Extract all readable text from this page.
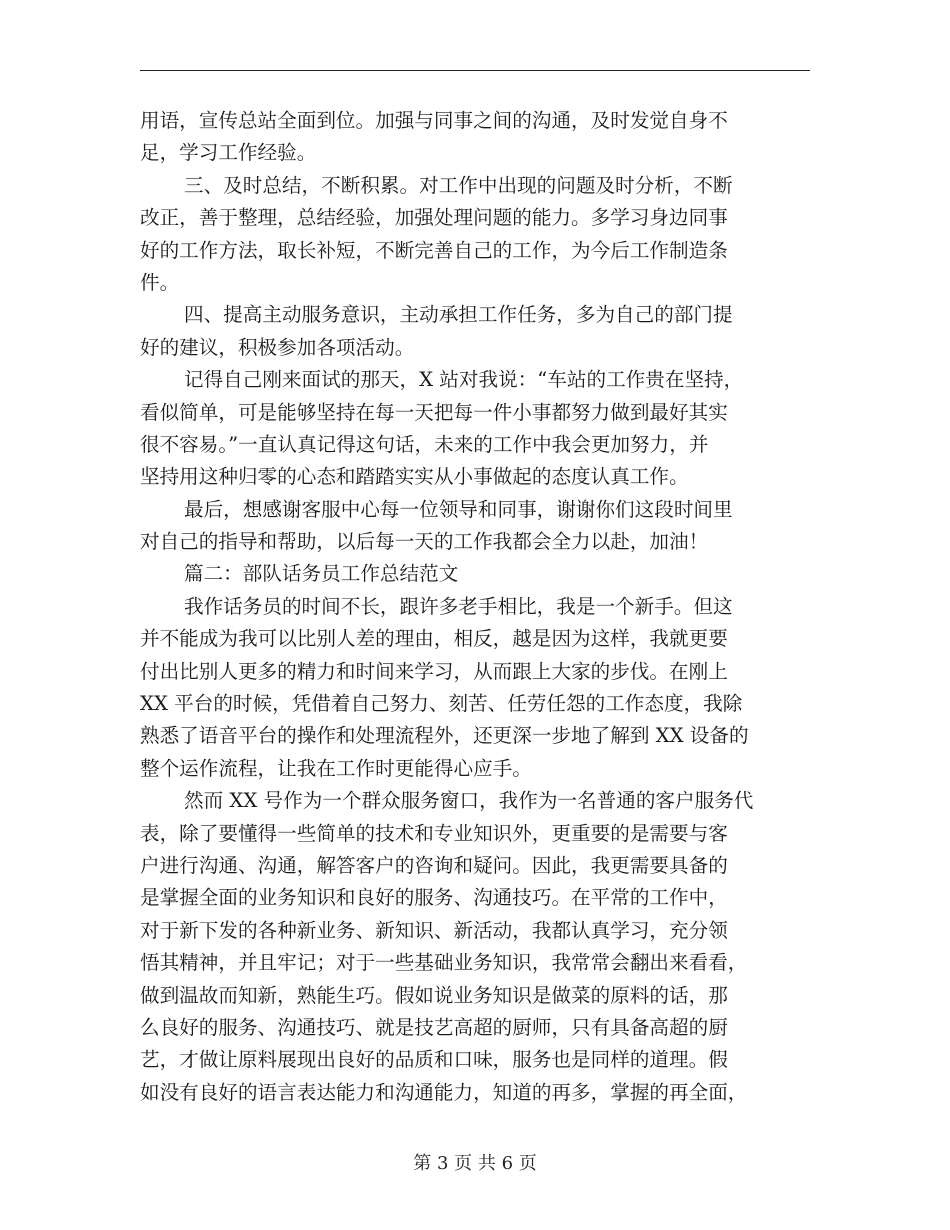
用语，宣传总站全面到位。加强与同事之间的沟通，及时发觉自身不
足，学习工作经验。
三、及时总结，不断积累。对工作中出现的问题及时分析，不断
改正，善于整理，总结经验，加强处理问题的能力。多学习身边同事
好的工作方法，取长补短，不断完善自己的工作，为今后工作制造条
件。
四、提高主动服务意识，主动承担工作任务，多为自己的部门提
好的建议，积极参加各项活动。
记得自己刚来面试的那天，X 站对我说：“车站的工作贵在坚持，
看似简单，可是能够坚持在每一天把每一件小事都努力做到最好其实
很不容易。”一直认真记得这句话，未来的工作中我会更加努力，并
坚持用这种归零的心态和踏踏实实从小事做起的态度认真工作。
最后，想感谢客服中心每一位领导和同事，谢谢你们这段时间里
对自己的指导和帮助，以后每一天的工作我都会全力以赴，加油！
篇二：部队话务员工作总结范文
我作话务员的时间不长，跟许多老手相比，我是一个新手。但这
并不能成为我可以比别人差的理由，相反，越是因为这样，我就更要
付出比别人更多的精力和时间来学习，从而跟上大家的步伐。在刚上
XX 平台的时候，凭借着自己努力、刻苦、任劳任怨的工作态度，我除
熟悉了语音平台的操作和处理流程外，还更深一步地了解到 XX 设备的
整个运作流程，让我在工作时更能得心应手。
然而 XX 号作为一个群众服务窗口，我作为一名普通的客户服务代
表，除了要懂得一些简单的技术和专业知识外，更重要的是需要与客
户进行沟通、沟通，解答客户的咨询和疑问。因此，我更需要具备的
是掌握全面的业务知识和良好的服务、沟通技巧。在平常的工作中，
对于新下发的各种新业务、新知识、新活动，我都认真学习，充分领
悟其精神，并且牢记；对于一些基础业务知识，我常常会翻出来看看，
做到温故而知新，熟能生巧。假如说业务知识是做菜的原料的话，那
么良好的服务、沟通技巧、就是技艺高超的厨师，只有具备高超的厨
艺，才做让原料展现出良好的品质和口味，服务也是同样的道理。假
如没有良好的语言表达能力和沟通能力，知道的再多，掌握的再全面，
第 3 页 共 6 页
